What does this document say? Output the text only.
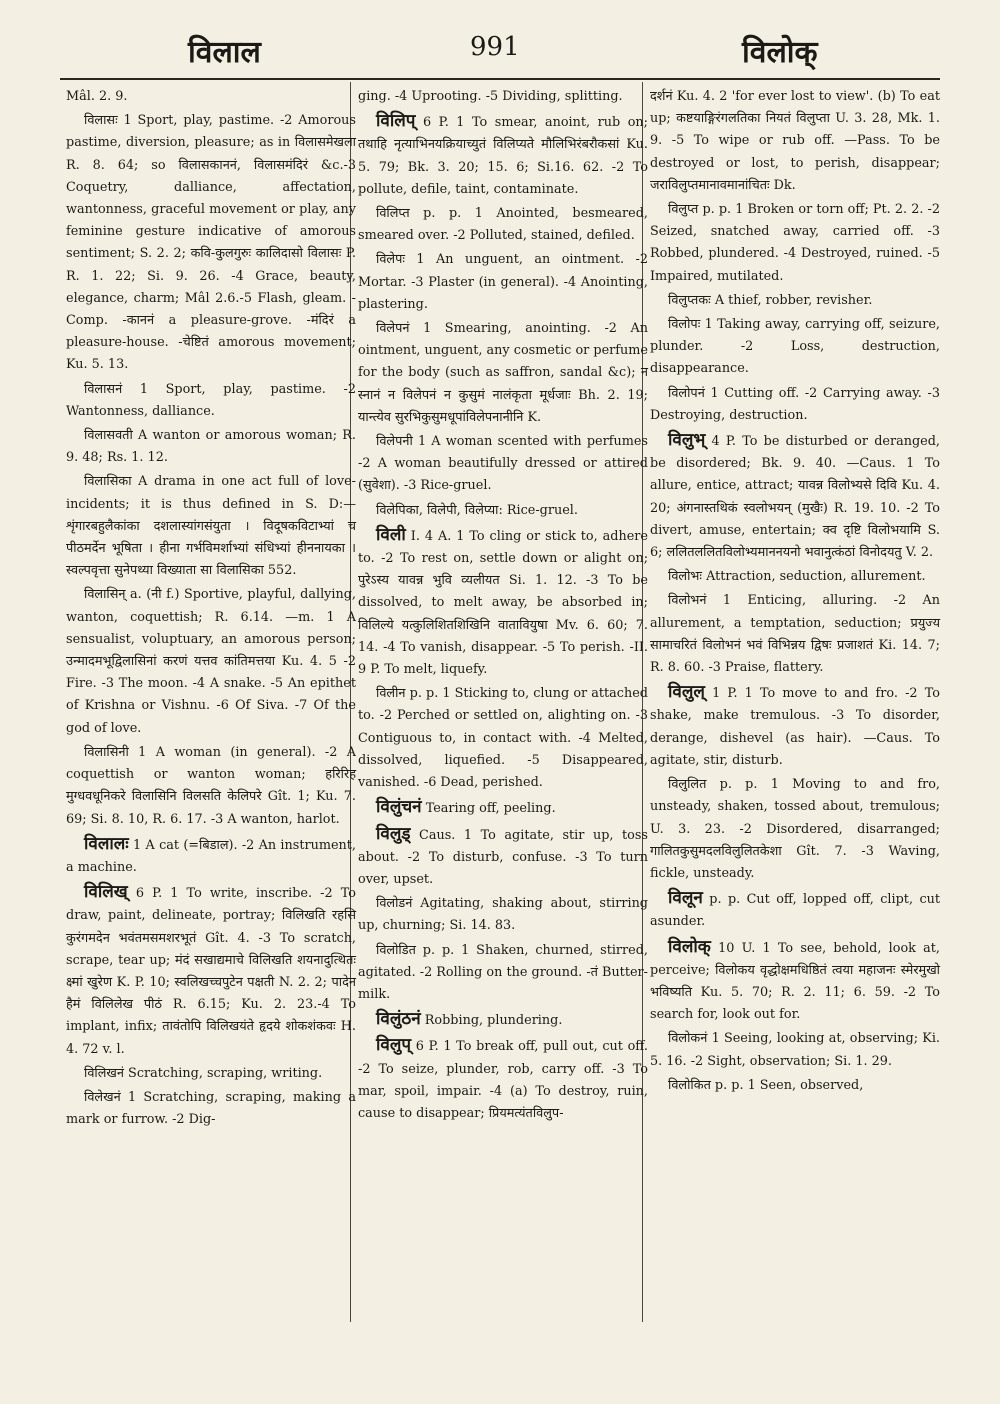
विलाल	991	विलोक्

Mâl. 2. 9.

विलासः 1 Sport, play, pastime. -2 Amorous pastime, diversion, pleasure; as in विलासमेखला R. 8. 64; so विलासकाननं, विलासमंदिरं &c.-3 Coquetry, dalliance, affectation, wantonness, graceful movement or play, any feminine gesture indicative of amorous sentiment; S. 2. 2; कवि-कुलगुरुः कालिदासो विलासः P. R. 1. 22; Si. 9. 26. -4 Grace, beauty, elegance, charm; Mâl 2.6.-5 Flash, gleam. -Comp. -काननं a pleasure-grove. -मंदिरं a pleasure-house. -चेष्टितं amorous movement; Ku. 5. 13.

विलासनं 1 Sport, play, pastime. -2 Wantonness, dalliance.

विलासवती A wanton or amorous woman; R. 9. 48; Rs. 1. 12.

विलासिका A drama in one act full of love-incidents; it is thus defined in S. D:—शृंगारबहुलैकांका दशलास्यांगसंयुता । विदूषकविटाभ्यां च पीठमर्देन भूषिता । हीना गर्भविमर्शाभ्यां संधिभ्यां हीननायका । स्वल्पवृत्ता सुनेपथ्या विख्याता सा विलासिका 552.

विलासिन् a. (नी f.) Sportive, playful, dallying, wanton, coquettish; R. 6.14. —m. 1 A sensualist, voluptuary, an amorous person; उन्मादमभूद्विलासिनां करणं यत्तव कांतिमत्तया Ku. 4. 5 -2 Fire. -3 The moon. -4 A snake. -5 An epithet of Krishna or Vishnu. -6 Of Siva. -7 Of the god of love.

विलासिनी 1 A woman (in general). -2 A coquettish or wanton woman; हरिरिह मुग्धवधूनिकरे विलासिनि विलसति केलिपरे Gît. 1; Ku. 7. 69; Si. 8. 10, R. 6. 17. -3 A wanton, harlot.

विलालः 1 A cat (=बिडाल). -2 An instrument, a machine.

विलिख् 6 P. 1 To write, inscribe. -2 To draw, paint, delineate, portray; विलिखति रहसि कुरंगमदेन भवंतमसमशरभूतं Gît. 4. -3 To scratch, scrape, tear up; मंदं सखाद्यमाचे विलिखति शयनादुत्थितः क्ष्मां खुरेण K. P. 10; स्वलिखच्चपुटेन पक्षती N. 2. 2; पादेन हैमं विलिलेख पीठं R. 6.15; Ku. 2. 23.-4 To implant, infix; तावंतोपि विलिखयंते हृदये शोकशंकवः H. 4. 72 v. l.

विलिखनं Scratching, scraping, writing.

विलेखनं 1 Scratching, scraping, making a mark or furrow. -2 Dig-

ging. -4 Uprooting. -5 Dividing, splitting.

विलिप् 6 P. 1 To smear, anoint, rub on; तथाहि नृत्याभिनयक्रियाच्युतं विलिप्यते मौलिभिरंबरौकसां Ku. 5. 79; Bk. 3. 20; 15. 6; Si.16. 62. -2 To pollute, defile, taint, contaminate.

विलिप्त p. p. 1 Anointed, besmeared, smeared over. -2 Polluted, stained, defiled.

विलेपः 1 An unguent, an ointment. -2 Mortar. -3 Plaster (in general). -4 Anointing, plastering.

विलेपनं 1 Smearing, anointing. -2 An ointment, unguent, any cosmetic or perfume for the body (such as saffron, sandal &c); न स्नानं न विलेपनं न कुसुमं नालंकृता मूर्धजाः Bh. 2. 19; यान्त्येव सुरभिकुसुमधूपांविलेपनानीनि K.

विलेपनी 1 A woman scented with perfumes -2 A woman beautifully dressed or attired (सुवेशा). -3 Rice-gruel.

विलेपिका, विलेपी, विलेप्या: Rice-gruel.

विली I. 4 A. 1 To cling or stick to, adhere to. -2 To rest on, settle down or alight on; पुरेऽस्य यावन्न भुवि व्यलीयत Si. 1. 12. -3 To be dissolved, to melt away, be absorbed in; विलिल्ये यत्कुलिशितशिखिनि वातावियुषा Mv. 6. 60; 7. 14. -4 To vanish, disappear. -5 To perish. -II. 9 P. To melt, liquefy.

विलीन p. p. 1 Sticking to, clung or attached to. -2 Perched or settled on, alighting on. -3 Contiguous to, in contact with. -4 Melted, dissolved, liquefied. -5 Disappeared, vanished. -6 Dead, perished.

विलुंचनं Tearing off, peeling.

विलुड् Caus. 1 To agitate, stir up, toss about. -2 To disturb, confuse. -3 To turn over, upset.

विलोडनं Agitating, shaking about, stirring up, churning; Si. 14. 83.

विलोडित p. p. 1 Shaken, churned, stirred, agitated. -2 Rolling on the ground. -तं Butter-milk.

विलुंठनं Robbing, plundering.

विलुप् 6 P. 1 To break off, pull out, cut off. -2 To seize, plunder, rob, carry off. -3 To mar, spoil, impair. -4 (a) To destroy, ruin, cause to disappear; प्रियमत्यंतविलुप-

दर्शनं Ku. 4. 2 'for ever lost to view'. (b) To eat up; कष्टयाङ्गिरंगलतिका नियतं विलुप्ता U. 3. 28, Mk. 1. 9. -5 To wipe or rub off. —Pass. To be destroyed or lost, to perish, disappear; जराविलुप्तमानावमानांचितः Dk.

विलुप्त p. p. 1 Broken or torn off; Pt. 2. 2. -2 Seized, snatched away, carried off. -3 Robbed, plundered. -4 Destroyed, ruined. -5 Impaired, mutilated.

विलुप्तकः A thief, robber, revisher.

विलोपः 1 Taking away, carrying off, seizure, plunder. -2 Loss, destruction, disappearance.

विलोपनं 1 Cutting off. -2 Carrying away. -3 Destroying, destruction.

विलुभ् 4 P. To be disturbed or deranged, be disordered; Bk. 9. 40. —Caus. 1 To allure, entice, attract; यावन्न विलोभ्यसे दिवि Ku. 4. 20; अंगनास्तथिकं स्वलोभयन् (मुखैः) R. 19. 10. -2 To divert, amuse, entertain; क्व दृष्टि विलोभयामि S. 6; ललितललितविलोभ्यमाननयनो भवानुत्कंठां विनोदयतु V. 2.

विलोभः Attraction, seduction, allurement.

विलोभनं 1 Enticing, alluring. -2 An allurement, a temptation, seduction; प्रयुज्य सामाचरितं विलोभनं भवं विभिन्नय द्विषः प्रजाशतं Ki. 14. 7; R. 8. 60. -3 Praise, flattery.

विलुल् 1 P. 1 To move to and fro. -2 To shake, make tremulous. -3 To disorder, derange, dishevel (as hair). —Caus. To agitate, stir, disturb.

विलुलित p. p. 1 Moving to and fro, unsteady, shaken, tossed about, tremulous; U. 3. 23. -2 Disordered, disarranged; गालितकुसुमदलविलुलितकेशा Gît. 7. -3 Waving, fickle, unsteady.

विलून p. p. Cut off, lopped off, clipt, cut asunder.

विलोक् 10 U. 1 To see, behold, look at, perceive; विलोकय वृद्धोक्षमधिष्ठितं त्वया महाजनः स्मेरमुखो भविष्यति Ku. 5. 70; R. 2. 11; 6. 59. -2 To search for, look out for.

विलोकनं 1 Seeing, looking at, observing; Ki. 5. 16. -2 Sight, observation; Si. 1. 29.

विलोकित p. p. 1 Seen, observed,
